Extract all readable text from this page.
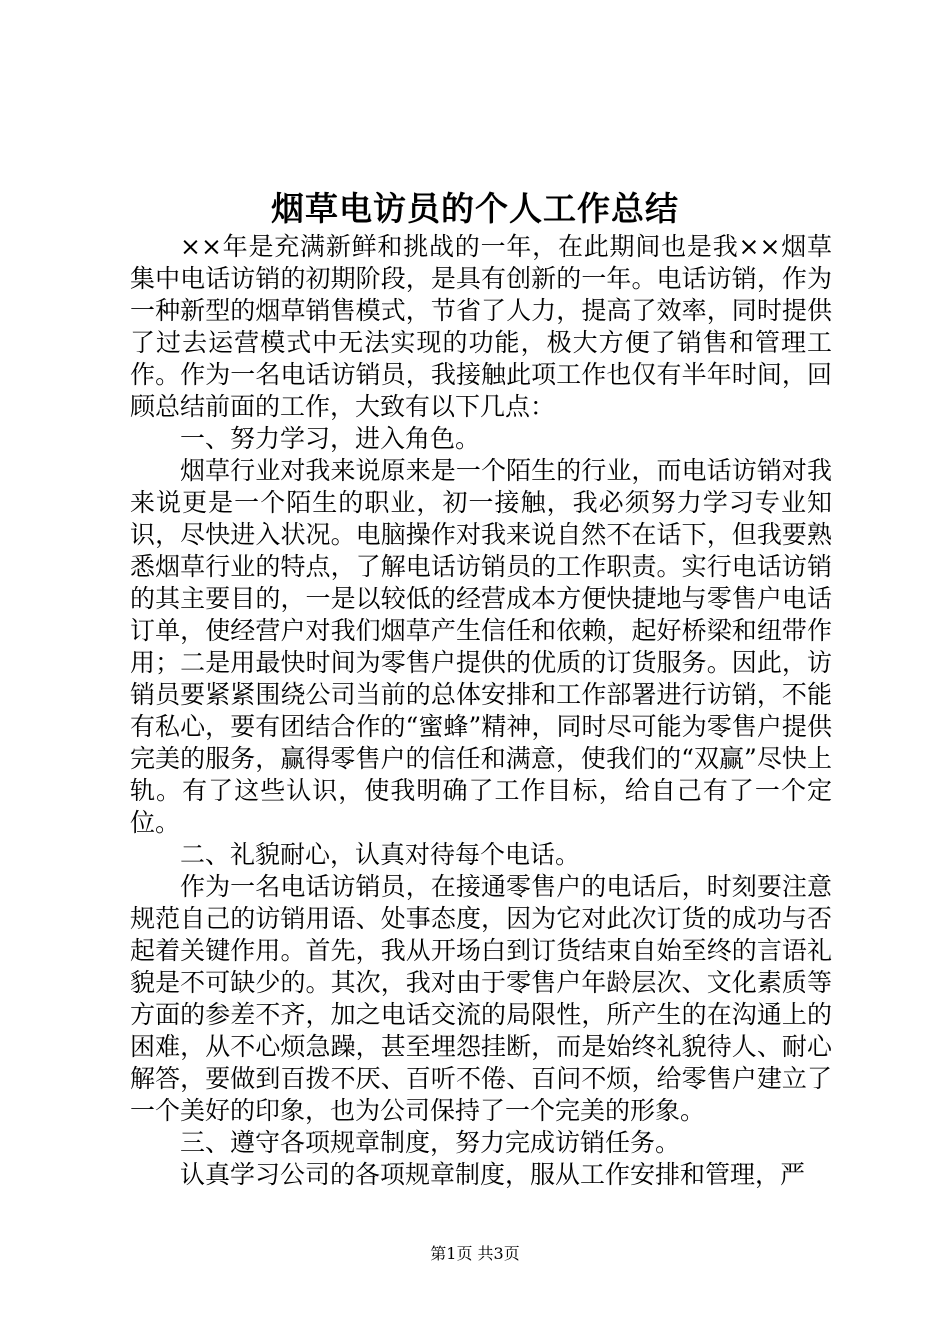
烟草电访员的个人工作总结

××年是充满新鲜和挑战的一年，在此期间也是我××烟草集中电话访销的初期阶段，是具有创新的一年。电话访销，作为一种新型的烟草销售模式，节省了人力，提高了效率，同时提供了过去运营模式中无法实现的功能，极大方便了销售和管理工作。作为一名电话访销员，我接触此项工作也仅有半年时间，回顾总结前面的工作，大致有以下几点：

一、努力学习，进入角色。

烟草行业对我来说原来是一个陌生的行业，而电话访销对我来说更是一个陌生的职业，初一接触，我必须努力学习专业知识，尽快进入状况。电脑操作对我来说自然不在话下，但我要熟悉烟草行业的特点，了解电话访销员的工作职责。实行电话访销的其主要目的，一是以较低的经营成本方便快捷地与零售户电话订单，使经营户对我们烟草产生信任和依赖，起好桥梁和纽带作用；二是用最快时间为零售户提供的优质的订货服务。因此，访销员要紧紧围绕公司当前的总体安排和工作部署进行访销，不能有私心，要有团结合作的“蜜蜂”精神，同时尽可能为零售户提供完美的服务，赢得零售户的信任和满意，使我们的“双赢”尽快上轨。有了这些认识，使我明确了工作目标，给自己有了一个定位。

二、礼貌耐心，认真对待每个电话。

作为一名电话访销员，在接通零售户的电话后，时刻要注意规范自己的访销用语、处事态度，因为它对此次订货的成功与否起着关键作用。首先，我从开场白到订货结束自始至终的言语礼貌是不可缺少的。其次，我对由于零售户年龄层次、文化素质等方面的参差不齐，加之电话交流的局限性，所产生的在沟通上的困难，从不心烦急躁，甚至埋怨挂断，而是始终礼貌待人、耐心解答，要做到百拨不厌、百听不倦、百问不烦，给零售户建立了一个美好的印象，也为公司保持了一个完美的形象。

三、遵守各项规章制度，努力完成访销任务。

认真学习公司的各项规章制度，服从工作安排和管理，严

第1页 共3页
